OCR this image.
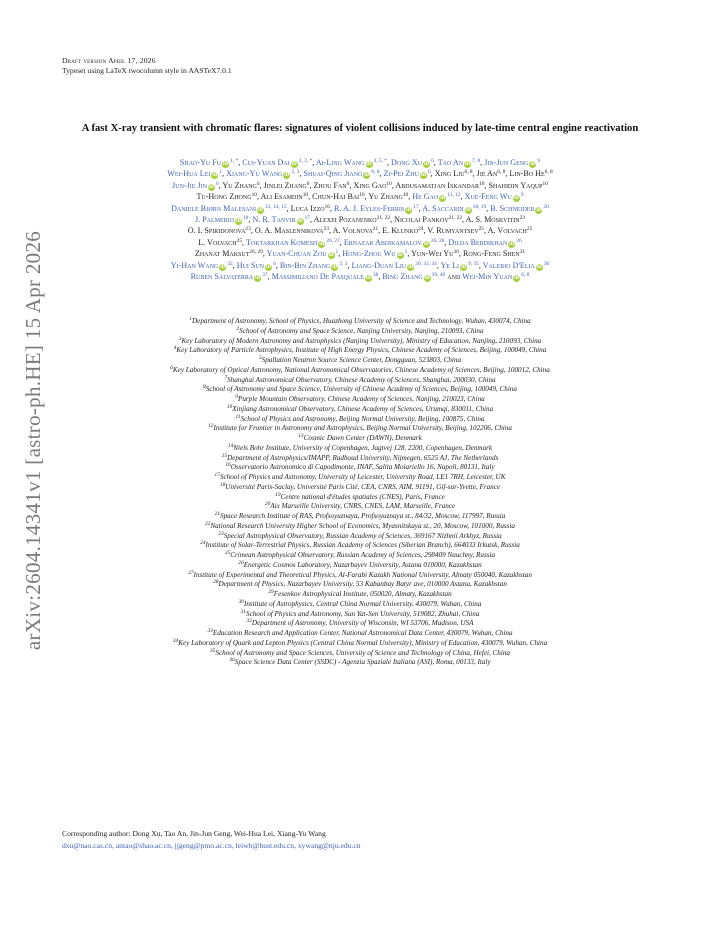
arXiv:2604.14341v1 [astro-ph.HE] 15 Apr 2026
Draft version April 17, 2026
Typeset using LaTeX twocolumn style in AASTeX7.0.1
A fast X-ray transient with chromatic flares: signatures of violent collisions induced by late-time central engine reactivation
Shao-Yu Fu $iD^{1, *}$, Cui-Yuan Dai $iD^{2, 3, *}$, Ai-Ling Wang $iD^{4, 5, *}$, Dong Xu $iD^6$, Tao An iD$^{7, 8}$, Jin-Jun Geng $iD^9$
Wei-Hua Lei $iD^1$, Xiang-Yu Wang iD$^{2, 3}$, Shuai-Qing Jiang iD$^{6, 8}$, Zi-Pei Zhu $iD^6$, Xing Liu$^{6, 8}$, Jie An$^{6, 8}$, Lin-Bo He$^{6, 8}$
Jun-Jie Jin $iD^6$, Yu Zhang$^6$, Jinlei Zhang$^6$, Zhou Fan$^6$, Xing Gao$^{10}$, Abdusamatjan Iskandar$^{10}$, Shahidin Yaqup$^{10}$
Tu-Hong Zhong$^{10}$, Ali Esamdin$^{10}$, Chun-Hai Bai$^{10}$, Yu Zhang$^{10}$, He Gao iD$^{11, 12}$, Xue-Feng Wu $iD^9$
Daniele Bjørn Malesani iD$^{13, 14, 15}$, Luca Izzo$^{16}$, R. A. J. Eyles-Ferris $iD^{17}$, A. Saccardi iD$^{18, 19}$, B. Schneider $iD^{20}$
J. Palmerio $iD^{18}$, N. R. Tanvir $iD^{17}$, Alexei Pozanenko$^{21, 22}$, Nicolai Pankov$^{21, 22}$, A. S. Moskvitin$^{23}$
O. I. Spiridonova$^{23}$, O. A. Maslennikova$^{23}$, A. Volnova$^{21}$, E. Klunko$^{24}$, V. Rumyantsev$^{25}$, A. Volvach$^{25}$
L. Volvach$^{25}$, Toktarkhan Komesh iD$^{26, 27}$, Ernazar Abdikamalov iD$^{26, 28}$, Dilda Berdikhan $iD^{26}$
Zhanat Maksut$^{26, 29}$, Yuan-Chuan Zou $iD^1$, Hong-Zhou Wu $iD^1$, Yun-Wei Yu$^{30}$, Rong-Feng Shen$^{31}$
Yi-Han Wang $iD^{32}$, Hui Sun $iD^6$, Bin-Bin Zhang iD$^{2, 3}$, Liang-Duan Liu iD$^{30, 33, 34}$, Ye Li iD$^{9, 35}$, Valerio D'Elia $iD^{36}$
Ruben Salvaterra $iD^{37}$, Massimiliano De Pasquale $iD^{38}$, Bing Zhang iD$^{39, 40}$ and Wei-Min Yuan iD$^{6, 8}$
$^1$Department of Astronomy, School of Physics, Huazhong University of Science and Technology, Wuhan, 430074, China
$^2$School of Astronomy and Space Science, Nanjing University, Nanjing, 210093, China
$^3$Key Laboratory of Modern Astronomy and Astrophysics (Nanjing University), Ministry of Education, Nanjing, 210093, China
$^4$Key Laboratory of Particle Astrophysics, Institute of High Energy Physics, Chinese Academy of Sciences, Beijing, 100049, China
$^5$Spallation Neutron Source Science Center, Dongguan, 523803, China
$^6$Key Laboratory of Optical Astronomy, National Astronomical Observatories, Chinese Academy of Sciences, Beijing, 100012, China
$^7$Shanghai Astronomical Observatory, Chinese Academy of Sciences, Shanghai, 200030, China
$^8$School of Astronomy and Space Science, University of Chinese Academy of Sciences, Beijing, 100049, China
$^9$Purple Mountain Observatory, Chinese Academy of Sciences, Nanjing, 210023, China
$^{10}$Xinjiang Astronomical Observatory, Chinese Academy of Sciences, Urumqi, 830011, China
$^{11}$School of Physics and Astronomy, Beijing Normal University, Beijing, 100875, China
$^{12}$Institute for Frontier in Astronomy and Astrophysics, Beijing Normal University, Beijing, 102206, China
$^{13}$Cosmic Dawn Center (DAWN), Denmark
$^{14}$Niels Bohr Institute, University of Copenhagen, Jagtvej 128, 2200, Copenhagen, Denmark
$^{15}$Department of Astrophysics/IMAPP, Radboud University, Nijmegen, 6525 AJ, The Netherlands
$^{16}$Osservatorio Astronomico di Capodimonte, INAF, Salita Moiariello 16, Napoli, 80131, Italy
$^{17}$School of Physics and Astronomy, University of Leicester, University Road, LE1 7RH, Leicester, UK
$^{18}$Université Paris-Saclay, Université Paris Cité, CEA, CNRS, AIM, 91191, Gif-sur-Yvette, France
$^{19}$Centre national d'études spatiales (CNES), Paris, France
$^{20}$Aix Marseille University, CNRS, CNES, LAM, Marseille, France
$^{21}$Space Research Institute of RAS, Profsoyuznaya, Profsoyuznaya st., 84/32, Moscow, 117997, Russia
$^{22}$National Research University Higher School of Economics, Myasnitskaya st., 20, Moscow, 101000, Russia
$^{23}$Special Astrophysical Observatory, Russian Academy of Sciences, 369167 Nizhnii Arkhyz, Russia
$^{24}$Institute of Solar-Terrestrial Physics, Russian Academy of Sciences (Siberian Branch), 664033 Irkutsk, Russia
$^{25}$Crimean Astrophysical Observatory, Russian Academy of Sciences, 298409 Nauchny, Russia
$^{26}$Energetic Cosmos Laboratory, Nazarbayev University, Astana 010000, Kazakhstan
$^{27}$Institute of Experimental and Theoretical Physics, Al-Farabi Kazakh National University, Almaty 050040, Kazakhstan
$^{28}$Department of Physics, Nazarbayev University, 53 Kabanbay Batyr ave, 010000 Astana, Kazakhstan
$^{29}$Fesenkov Astrophysical Institute, 050020, Almaty, Kazakhstan
$^{30}$Institute of Astrophysics, Central China Normal University, 430079, Wuhan, China
$^{31}$School of Physics and Astronomy, Sun Yat-Sen University, 519082, Zhuhai, China
$^{32}$Department of Astronomy, University of Wisconsin, WI 53706, Madison, USA
$^{33}$Education Research and Application Center, National Astronomical Data Center, 430079, Wuhan, China
$^{34}$Key Laboratory of Quark and Lepton Physics (Central China Normal University), Ministry of Education, 430079, Wuhan, China
$^{35}$School of Astronomy and Space Sciences, University of Science and Technology of China, Hefei, China
$^{36}$Space Science Data Center (SSDC) - Agenzia Spaziale Italiana (ASI), Roma, 00133, Italy
Corresponding author: Dong Xu, Tao An, Jin-Jun Geng, Wei-Hua Lei, Xiang-Yu Wang
dxu@nao.cas.cn, antao@shao.ac.cn, jjgeng@pmo.ac.cn, leiwh@hust.edu.cn, xywang@nju.edu.cn
